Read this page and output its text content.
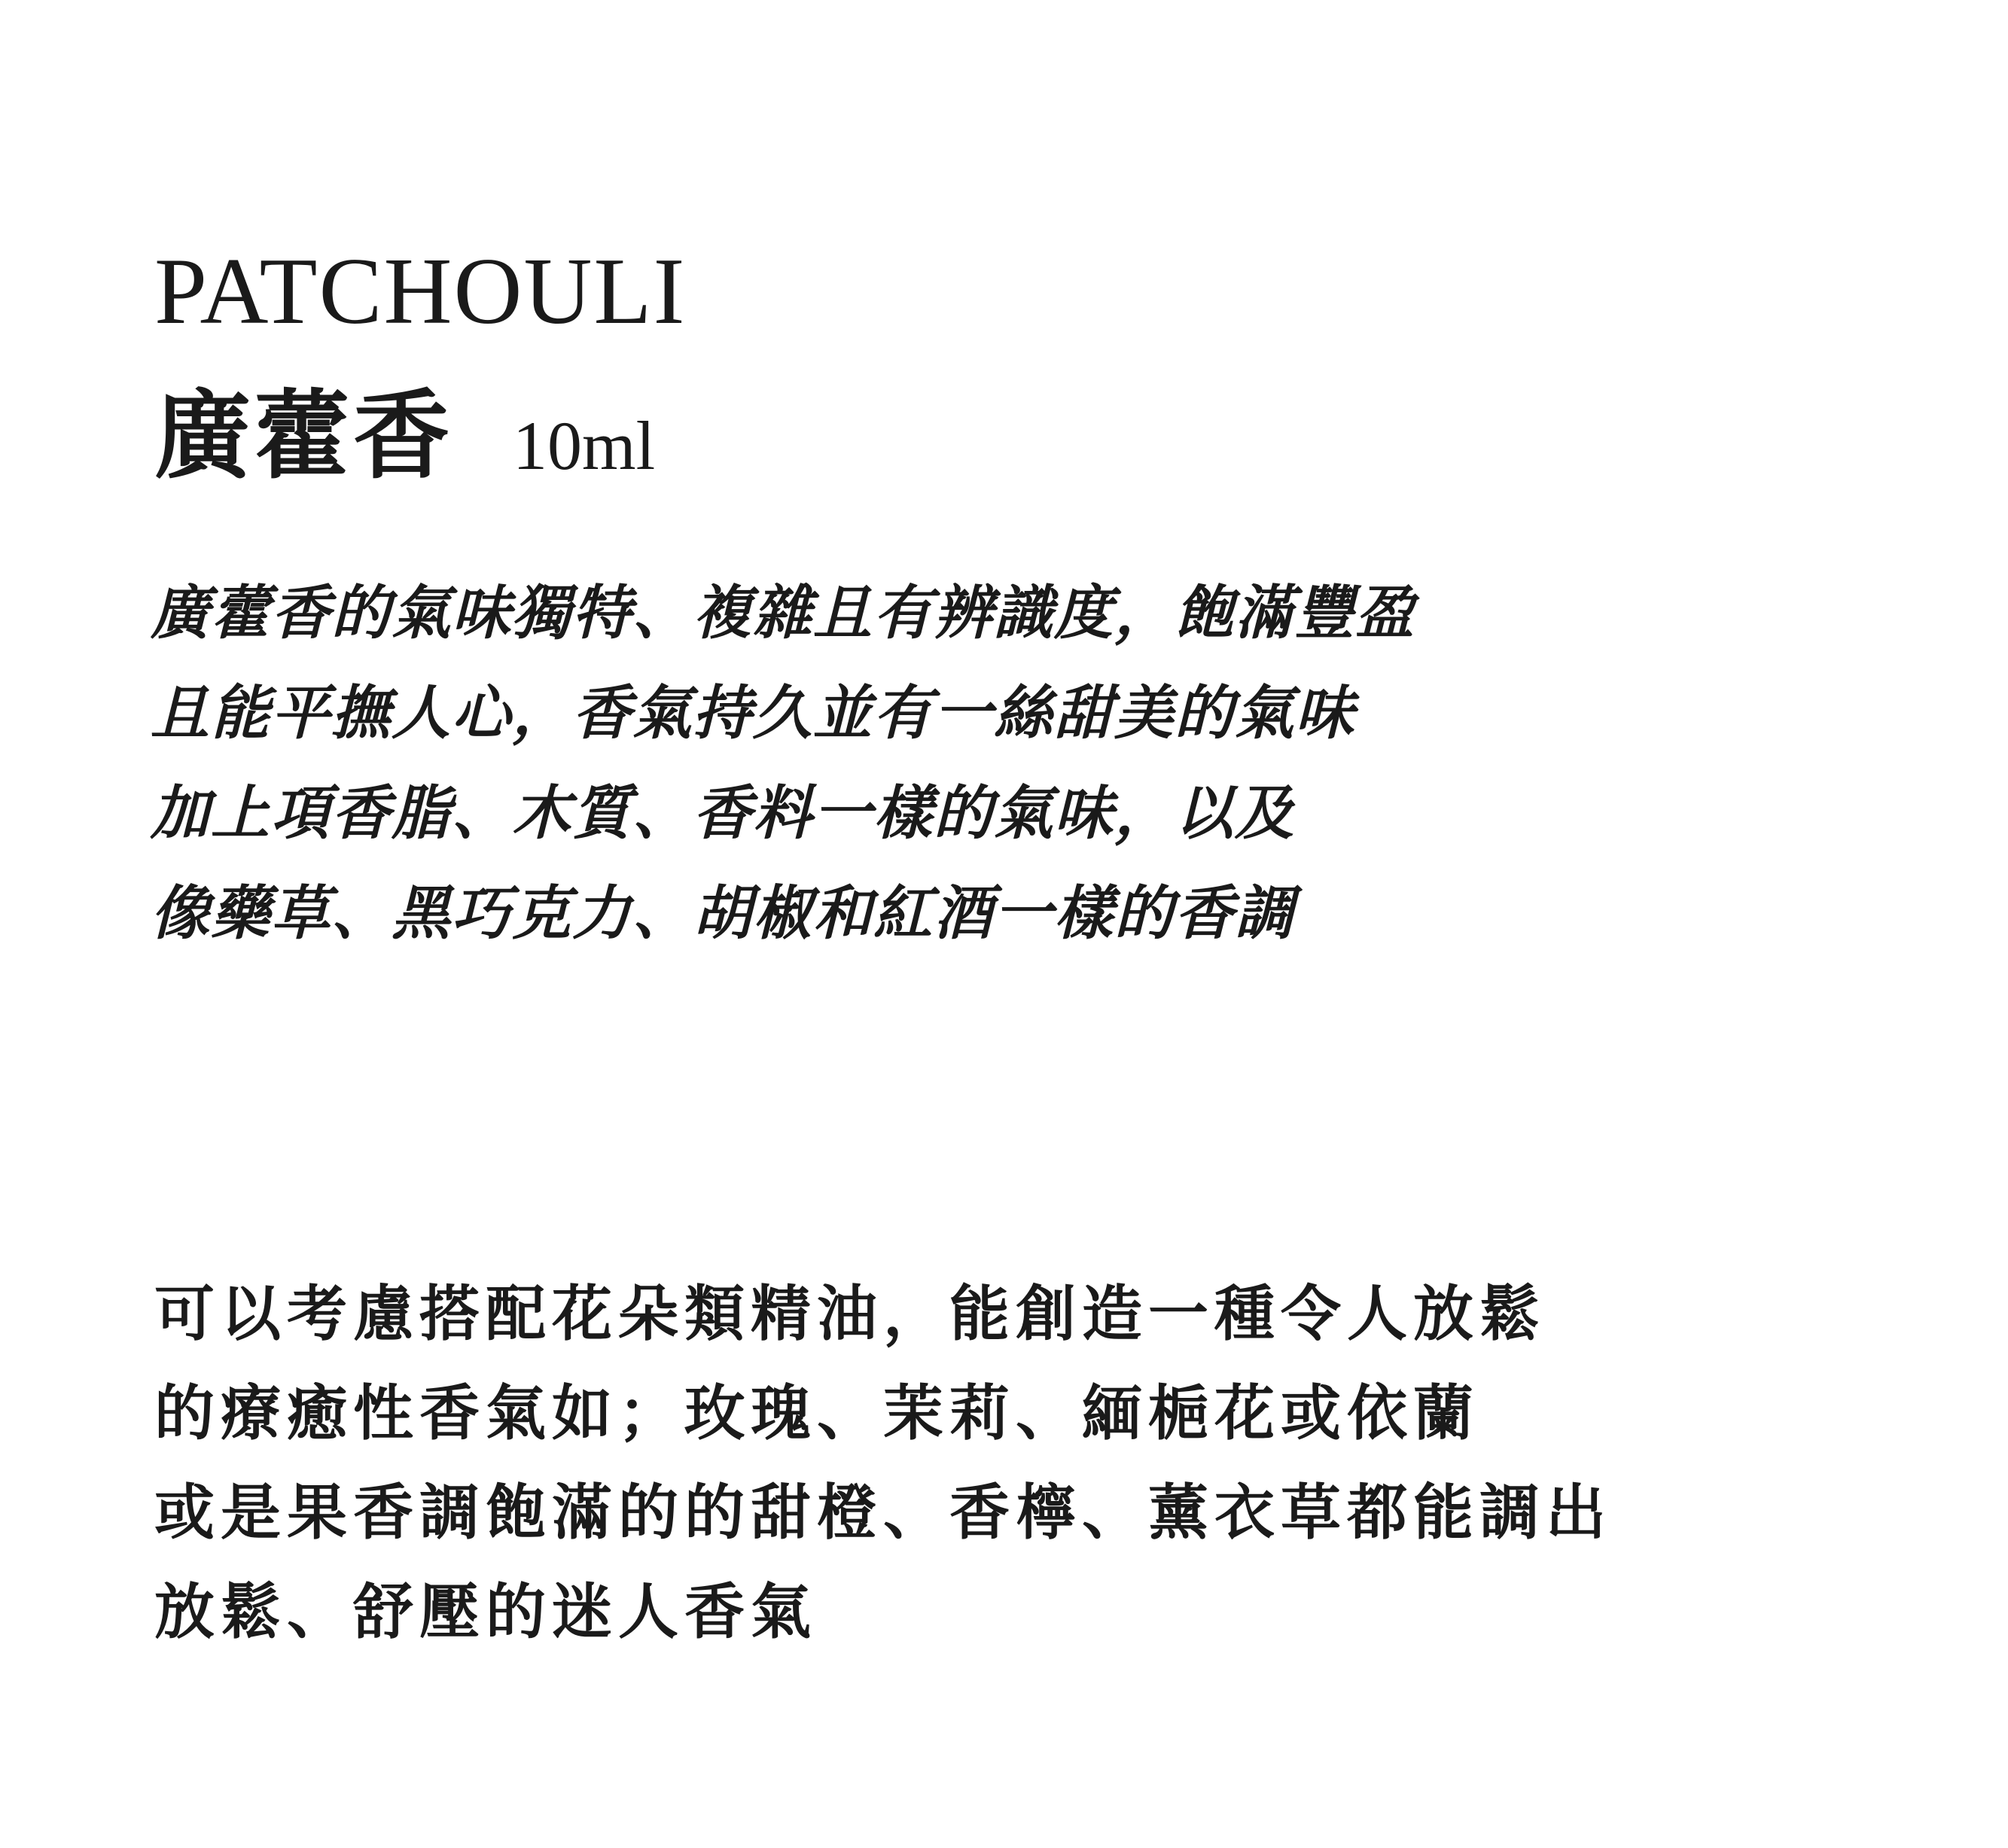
PATCHOULI
廣藿香 10ml
廣藿香的氣味獨特、複雜且有辨識度，飽滿豐盈
且能平撫人心，香氣持久並有一絲甜美的氣味
加上項香脂、木質、香料一樣的氣味，以及
像藥草、黑巧克力、胡椒和紅酒一樣的香調
可以考慮搭配花朵類精油，能創造一種令人放鬆
的療癒性香氣如；玫瑰、茉莉、緬梔花或依蘭
或是果香調飽滿的的甜橙、香檸、薰衣草都能調出
放鬆、舒壓的迷人香氣
